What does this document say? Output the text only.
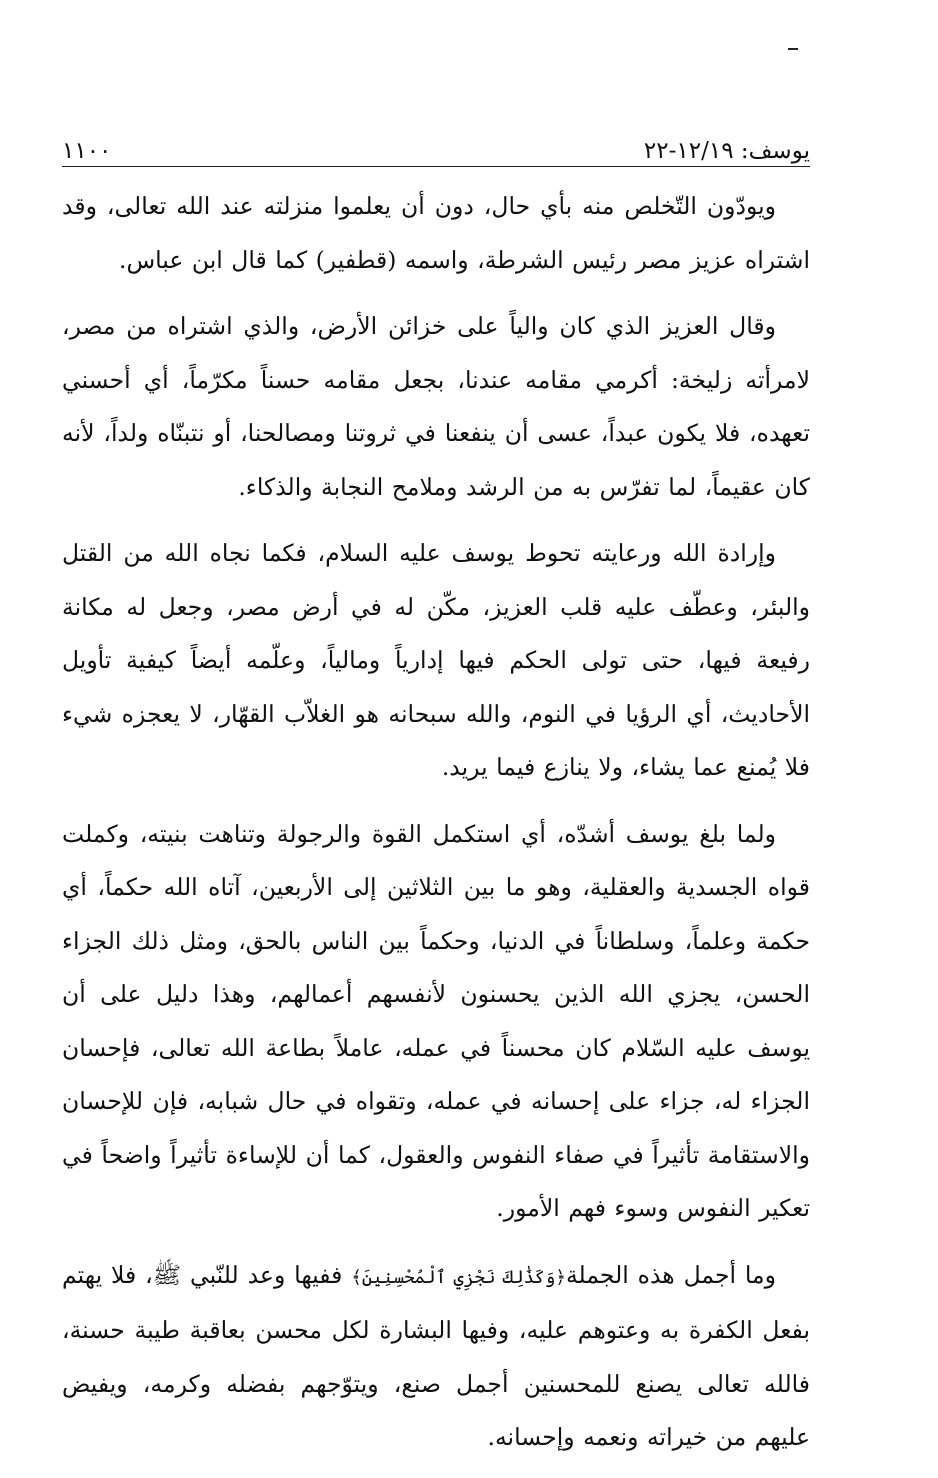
يوسف: ١٢/١٩-٢٢
١١٠٠

ويودّون التّخلص منه بأي حال، دون أن يعلموا منزلته عند الله تعالى، وقد اشتراه عزيز مصر رئيس الشرطة، واسمه (قطفير) كما قال ابن عباس.

وقال العزيز الذي كان والياً على خزائن الأرض، والذي اشتراه من مصر، لامرأته زليخة: أكرمي مقامه عندنا، بجعل مقامه حسناً مكرّماً، أي أحسني تعهده، فلا يكون عبداً، عسى أن ينفعنا في ثروتنا ومصالحنا، أو نتبنّاه ولداً، لأنه كان عقيماً، لما تفرّس به من الرشد وملامح النجابة والذكاء.

وإرادة الله ورعايته تحوط يوسف عليه السلام، فكما نجاه الله من القتل والبئر، وعطّف عليه قلب العزيز، مكّن له في أرض مصر، وجعل له مكانة رفيعة فيها، حتى تولى الحكم فيها إدارياً ومالياً، وعلّمه أيضاً كيفية تأويل الأحاديث، أي الرؤيا في النوم، والله سبحانه هو الغلاّب القهّار، لا يعجزه شيء فلا يُمنع عما يشاء، ولا ينازع فيما يريد.

ولما بلغ يوسف أشدّه، أي استكمل القوة والرجولة وتناهت بنيته، وكملت قواه الجسدية والعقلية، وهو ما بين الثلاثين إلى الأربعين، آتاه الله حكماً، أي حكمة وعلماً، وسلطاناً في الدنيا، وحكماً بين الناس بالحق، ومثل ذلك الجزاء الحسن، يجزي الله الذين يحسنون لأنفسهم أعمالهم، وهذا دليل على أن يوسف عليه السّلام كان محسناً في عمله، عاملاً بطاعة الله تعالى، فإحسان الجزاء له، جزاء على إحسانه في عمله، وتقواه في حال شبابه، فإن للإحسان والاستقامة تأثيراً في صفاء النفوس والعقول، كما أن للإساءة تأثيراً واضحاً في تعكير النفوس وسوء فهم الأمور.

وما أجمل هذه الجملة﴿وَكَذَٰلِكَ نَجْزِي ٱلْمُحْسِنِينَ﴾ ففيها وعد للنّبي ﷺ، فلا يهتم بفعل الكفرة به وعتوهم عليه، وفيها البشارة لكل محسن بعاقبة طيبة حسنة، فالله تعالى يصنع للمحسنين أجمل صنع، ويتوّجهم بفضله وكرمه، ويفيض عليهم من خيراته ونعمه وإحسانه.
